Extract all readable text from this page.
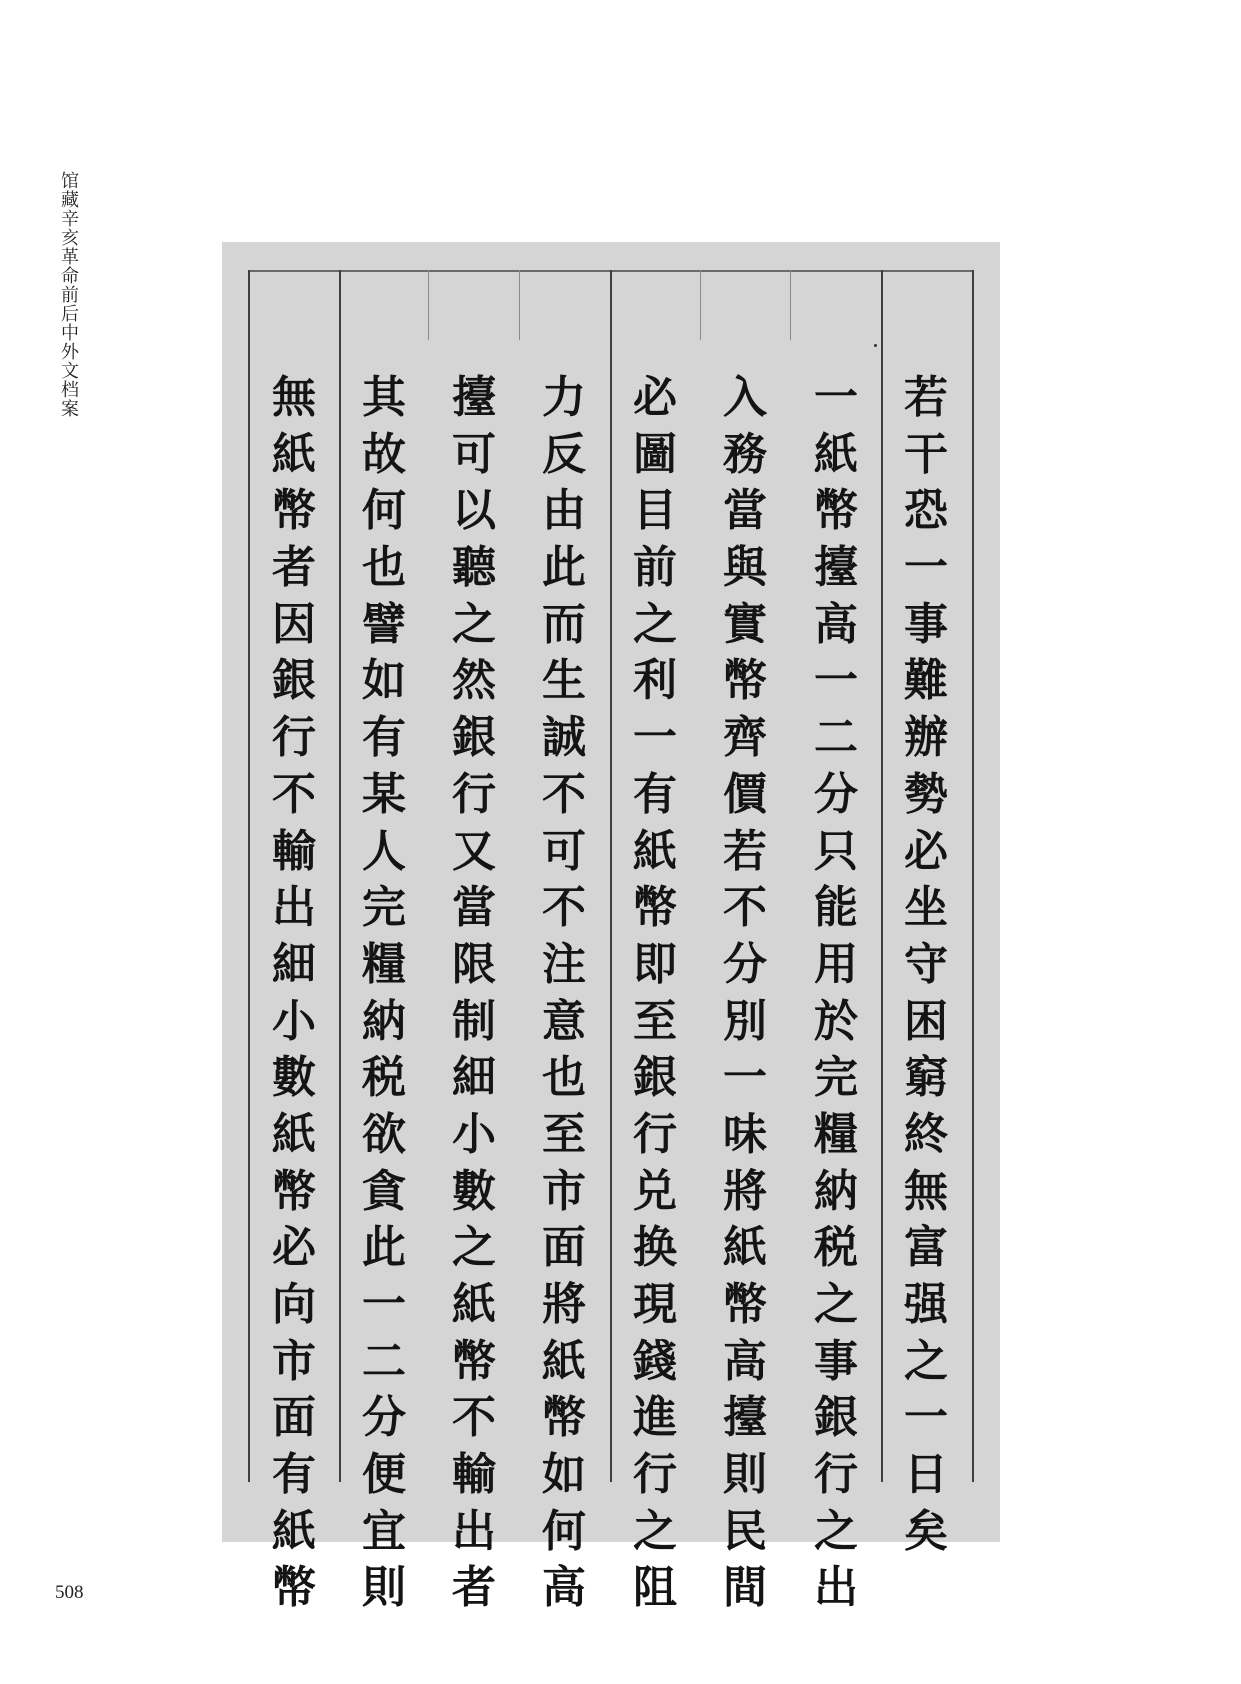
馆
藏
辛
亥
革
命
前
后
中
外
文
档
案	若
干
恐
一
事
難
辦
勢
必
坐
守
困
窮
終
無
富
强
之
一
日
矣
一
紙
幣
擡
高
一
二
分
只
能
用
於
完
糧
納
税
之
事
銀
行
之
出
入
務
當
與
實
幣
齊
價
若
不
分
別
一
味
將
紙
幣
高
擡
則
民
間
必
圖
目
前
之
利
一
有
紙
幣
即
至
銀
行
兑
换
現
錢
進
行
之
阻
力
反
由
此
而
生
誠
不
可
不
注
意
也
至
市
面
將
紙
幣
如
何
高
擡
可
以
聽
之
然
銀
行
又
當
限
制
細
小
數
之
紙
幣
不
輸
出
者
其
故
何
也
譬
如
有
某
人
完
糧
納
税
欲
貪
此
一
二
分
便
宜
則
無
紙
幣
者
因
銀
行
不
輸
出
細
小
數
紙
幣
必
向
市
面
有
紙
幣
508
